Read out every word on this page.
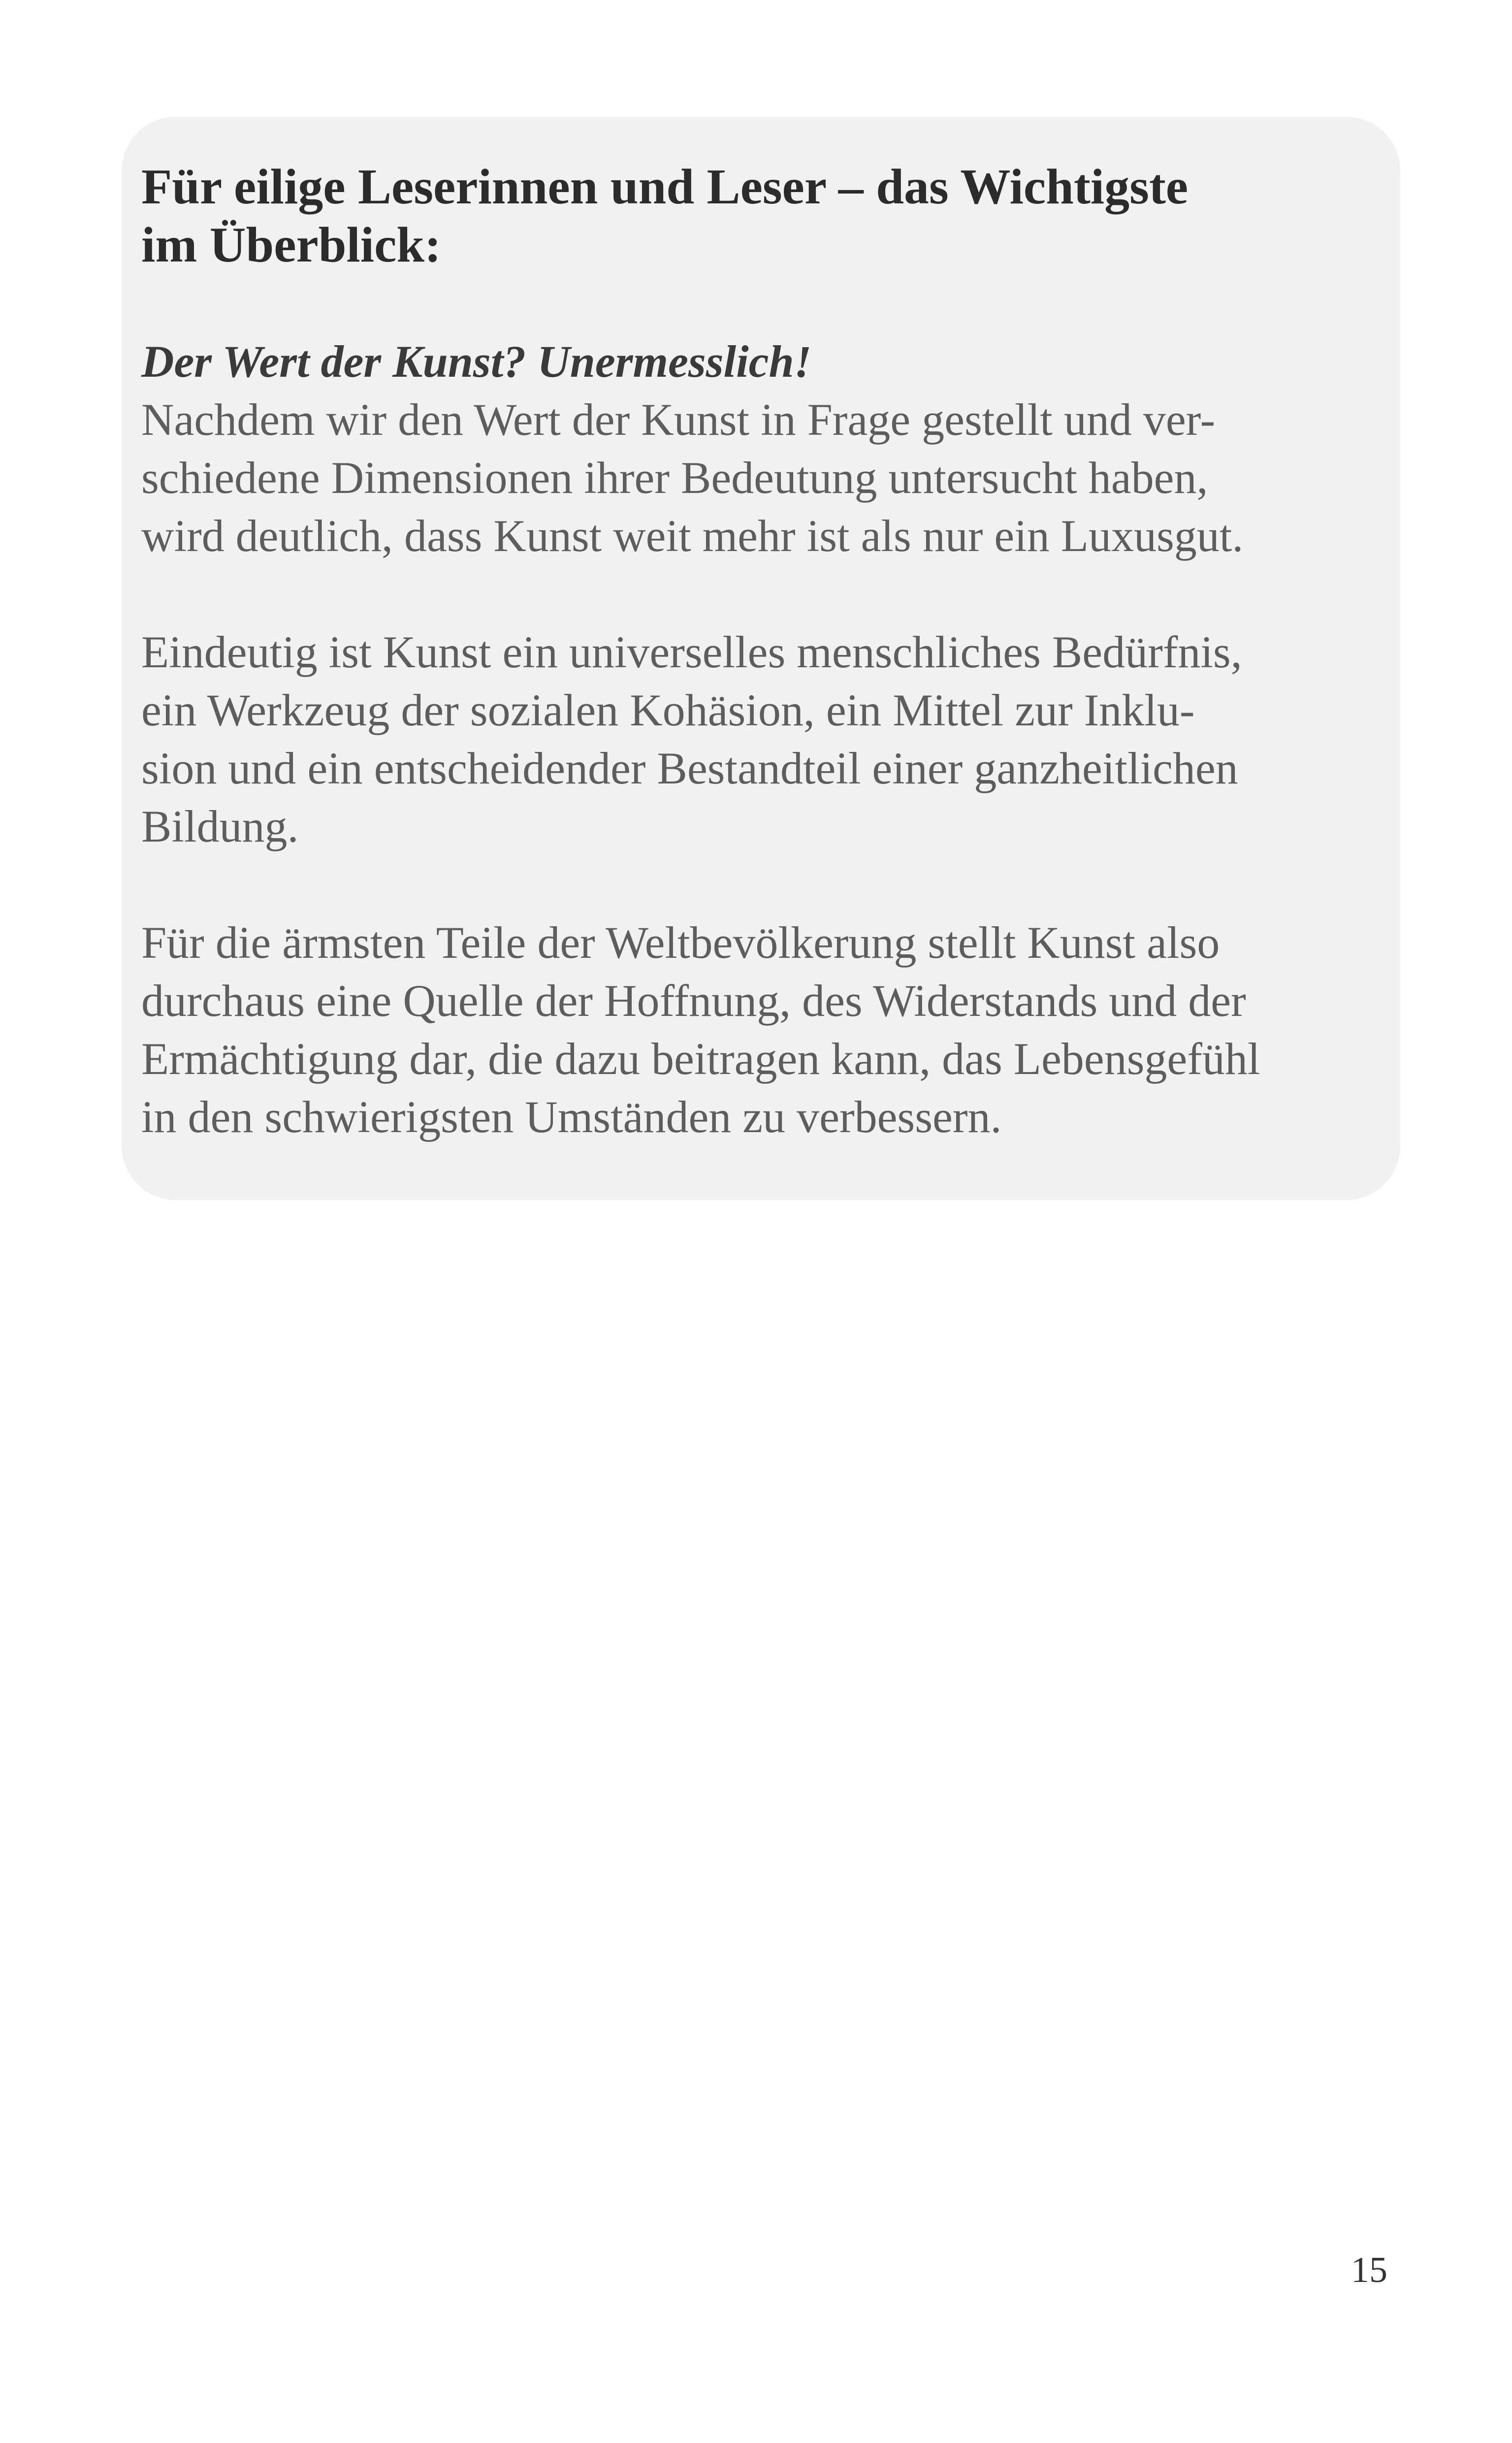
Für eilige Leserinnen und Leser – das Wichtigste
im Überblick:
Der Wert der Kunst? Unermesslich!

Nachdem wir den Wert der Kunst in Frage gestellt und ver-
schiedene Dimensionen ihrer Bedeutung untersucht haben,
wird deutlich, dass Kunst weit mehr ist als nur ein Luxusgut.

Eindeutig ist Kunst ein universelles menschliches Bedürfnis,
ein Werkzeug der sozialen Kohäsion, ein Mittel zur Inklu-
sion und ein entscheidender Bestandteil einer ganzheitlichen
Bildung.

Für die ärmsten Teile der Weltbevölkerung stellt Kunst also
durchaus eine Quelle der Hoffnung, des Widerstands und der
Ermächtigung dar, die dazu beitragen kann, das Lebensgefühl
in den schwierigsten Umständen zu verbessern.

15
